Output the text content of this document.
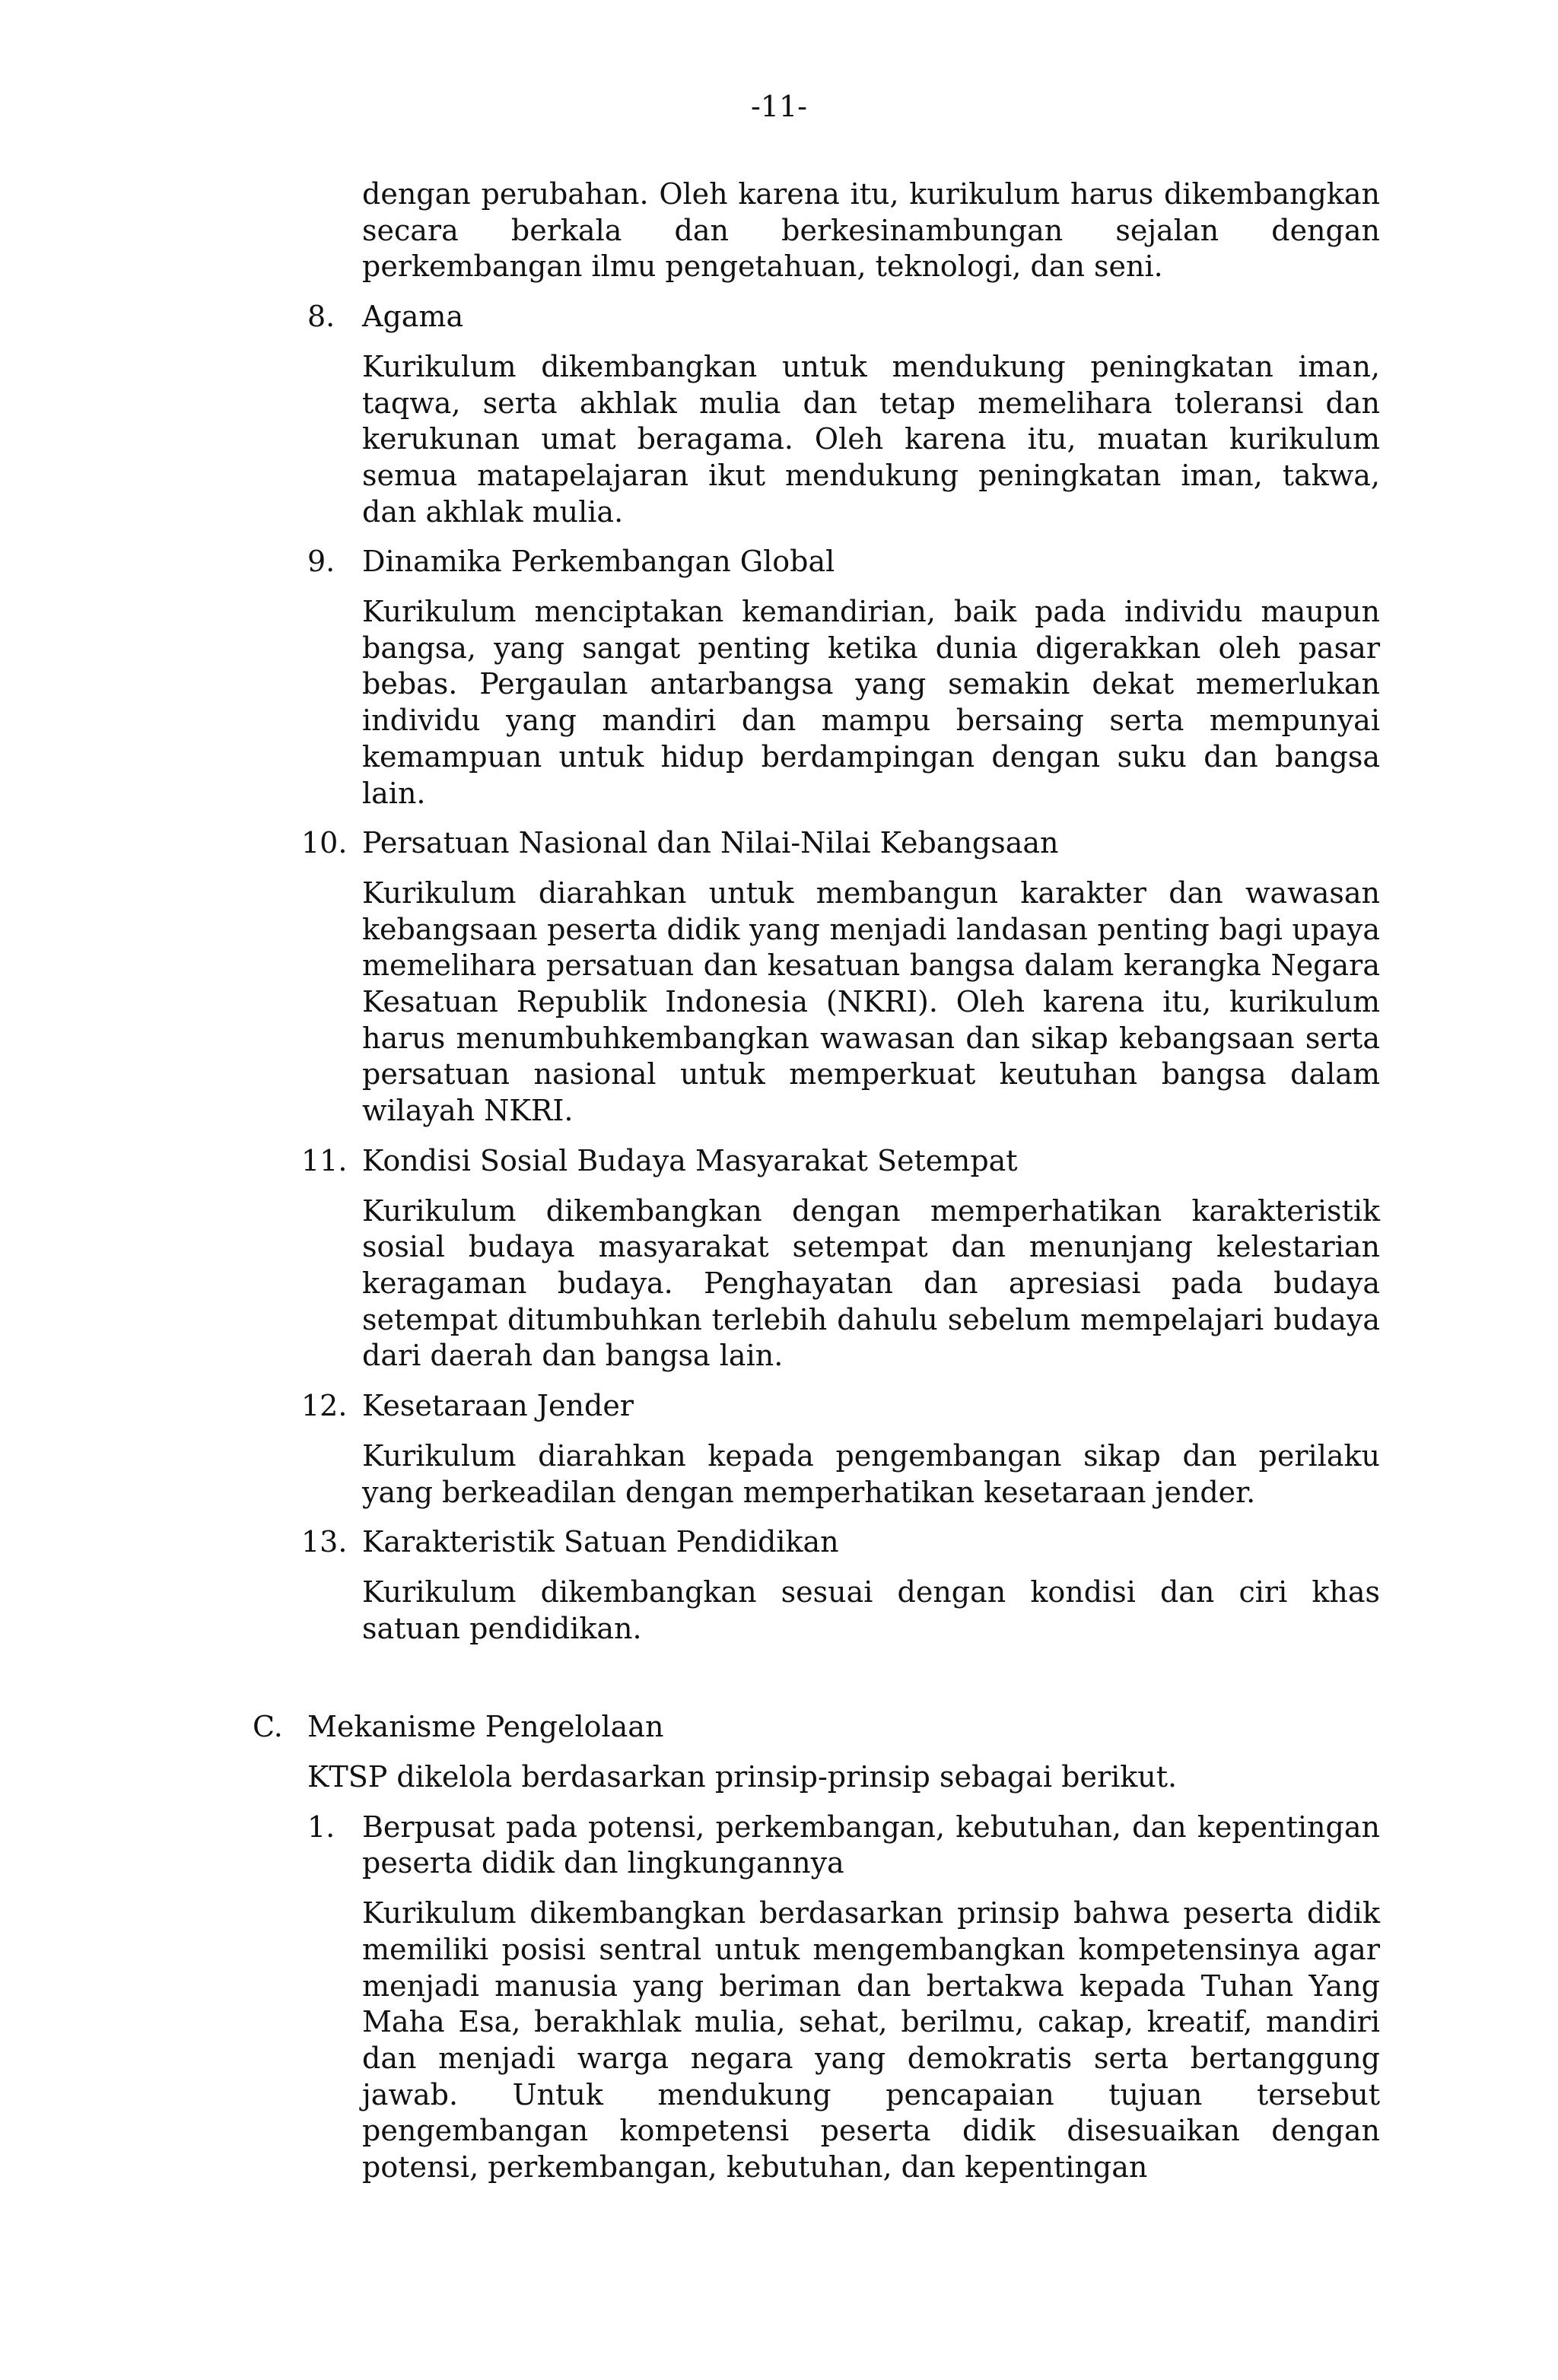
-11-

dengan perubahan. Oleh karena itu, kurikulum harus dikembangkan secara berkala dan berkesinambungan sejalan dengan perkembangan ilmu pengetahuan, teknologi, dan seni.

8. Agama

Kurikulum dikembangkan untuk mendukung peningkatan iman, taqwa, serta akhlak mulia dan tetap memelihara toleransi dan kerukunan umat beragama. Oleh karena itu, muatan kurikulum semua matapelajaran ikut mendukung peningkatan iman, takwa, dan akhlak mulia.

9. Dinamika Perkembangan Global

Kurikulum menciptakan kemandirian, baik pada individu maupun bangsa, yang sangat penting ketika dunia digerakkan oleh pasar bebas. Pergaulan antarbangsa yang semakin dekat memerlukan individu yang mandiri dan mampu bersaing serta mempunyai kemampuan untuk hidup berdampingan dengan suku dan bangsa lain.

10. Persatuan Nasional dan Nilai-Nilai Kebangsaan

Kurikulum diarahkan untuk membangun karakter dan wawasan kebangsaan peserta didik yang menjadi landasan penting bagi upaya memelihara persatuan dan kesatuan bangsa dalam kerangka Negara Kesatuan Republik Indonesia (NKRI). Oleh karena itu, kurikulum harus menumbuhkembangkan wawasan dan sikap kebangsaan serta persatuan nasional untuk memperkuat keutuhan bangsa dalam wilayah NKRI.

11. Kondisi Sosial Budaya Masyarakat Setempat

Kurikulum dikembangkan dengan memperhatikan karakteristik sosial budaya masyarakat setempat dan menunjang kelestarian keragaman budaya. Penghayatan dan apresiasi pada budaya setempat ditumbuhkan terlebih dahulu sebelum mempelajari budaya dari daerah dan bangsa lain.

12. Kesetaraan Jender

Kurikulum diarahkan kepada pengembangan sikap dan perilaku yang berkeadilan dengan memperhatikan kesetaraan jender.

13. Karakteristik Satuan Pendidikan

Kurikulum dikembangkan sesuai dengan kondisi dan ciri khas satuan pendidikan.

C. Mekanisme Pengelolaan

KTSP dikelola berdasarkan prinsip-prinsip sebagai berikut.

1. Berpusat pada potensi, perkembangan, kebutuhan, dan kepentingan peserta didik dan lingkungannya

Kurikulum dikembangkan berdasarkan prinsip bahwa peserta didik memiliki posisi sentral untuk mengembangkan kompetensinya agar menjadi manusia yang beriman dan bertakwa kepada Tuhan Yang Maha Esa, berakhlak mulia, sehat, berilmu, cakap, kreatif, mandiri dan menjadi warga negara yang demokratis serta bertanggung jawab. Untuk mendukung pencapaian tujuan tersebut pengembangan kompetensi peserta didik disesuaikan dengan potensi, perkembangan, kebutuhan, dan kepentingan
